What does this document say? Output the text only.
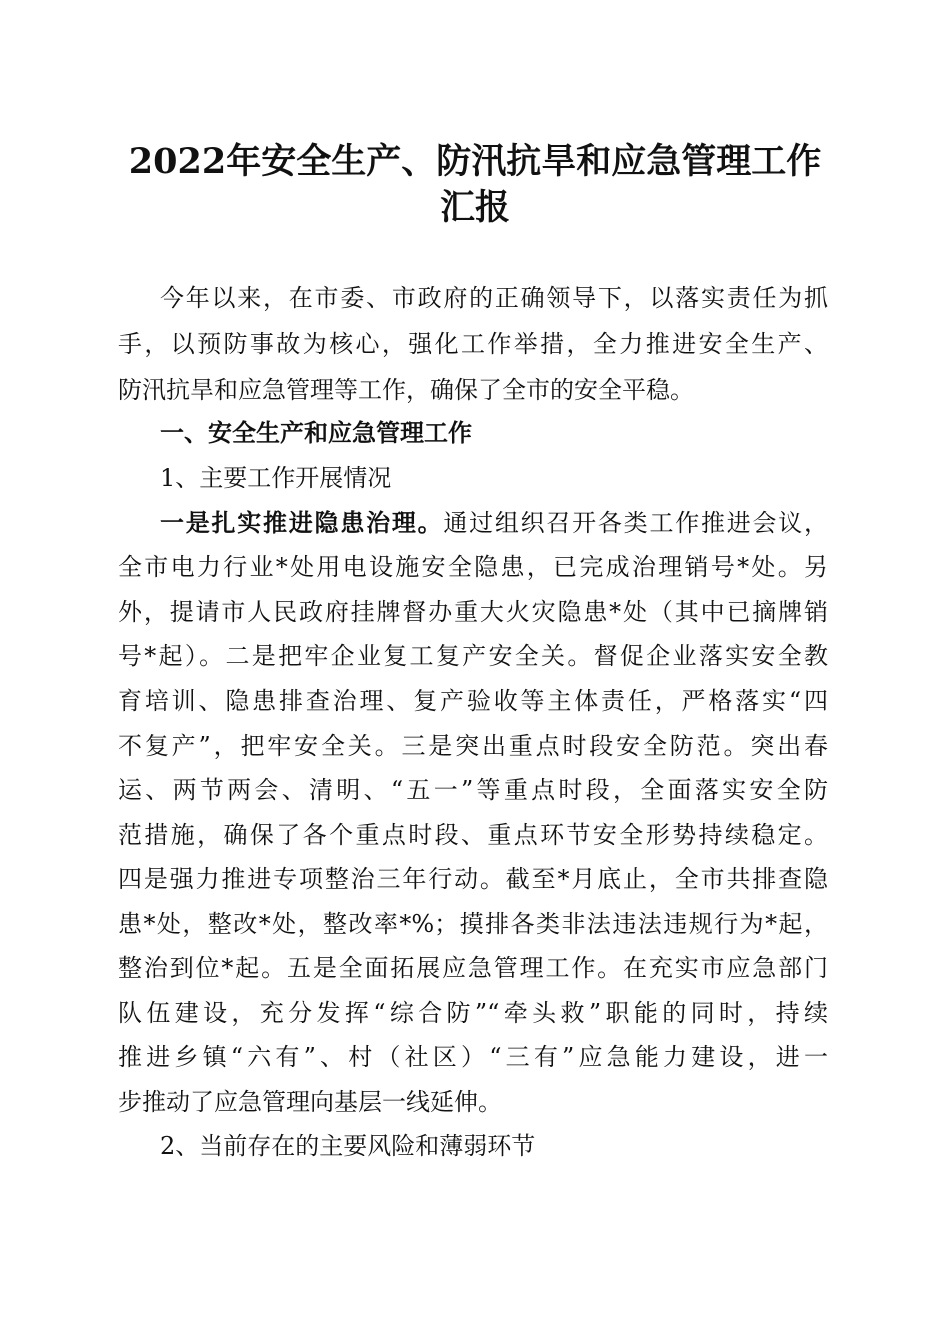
2022年安全生产、防汛抗旱和应急管理工作
汇报
今年以来，在市委、市政府的正确领导下，以落实责任为抓
手，以预防事故为核心，强化工作举措，全力推进安全生产、
防汛抗旱和应急管理等工作，确保了全市的安全平稳。
一、安全生产和应急管理工作
1、主要工作开展情况
一是扎实推进隐患治理。通过组织召开各类工作推进会议，
全市电力行业*处用电设施安全隐患，已完成治理销号*处。另
外，提请市人民政府挂牌督办重大火灾隐患*处（其中已摘牌销
号*起）。二是把牢企业复工复产安全关。督促企业落实安全教
育培训、隐患排查治理、复产验收等主体责任，严格落实“四
不复产”，把牢安全关。三是突出重点时段安全防范。突出春
运、两节两会、清明、“五一”等重点时段，全面落实安全防
范措施，确保了各个重点时段、重点环节安全形势持续稳定。
四是强力推进专项整治三年行动。截至*月底止，全市共排查隐
患*处，整改*处，整改率*%；摸排各类非法违法违规行为*起，
整治到位*起。五是全面拓展应急管理工作。在充实市应急部门
队伍建设，充分发挥“综合防”“牵头救”职能的同时，持续
推进乡镇“六有”、村（社区）“三有”应急能力建设，进一
步推动了应急管理向基层一线延伸。
2、当前存在的主要风险和薄弱环节
